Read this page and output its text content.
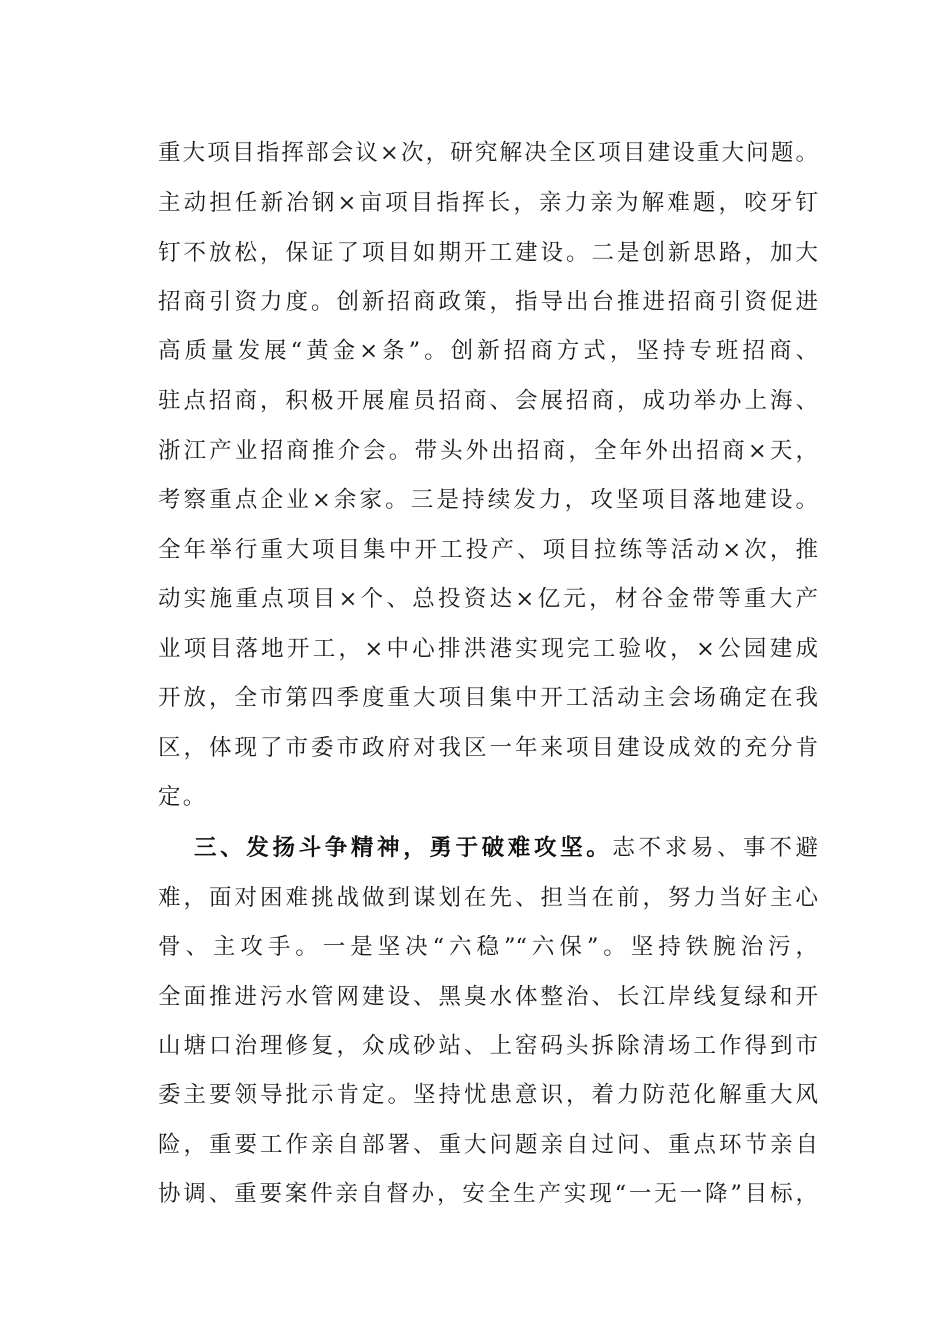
重大项目指挥部会议×次，研究解决全区项目建设重大问题。
主动担任新冶钢×亩项目指挥长，亲力亲为解难题，咬牙钉
钉不放松，保证了项目如期开工建设。二是创新思路，加大
招商引资力度。创新招商政策，指导出台推进招商引资促进
高质量发展“黄金×条”。创新招商方式，坚持专班招商、
驻点招商，积极开展雇员招商、会展招商，成功举办上海、
浙江产业招商推介会。带头外出招商，全年外出招商×天，
考察重点企业×余家。三是持续发力，攻坚项目落地建设。
全年举行重大项目集中开工投产、项目拉练等活动×次，推
动实施重点项目×个、总投资达×亿元，材谷金带等重大产
业项目落地开工，×中心排洪港实现完工验收，×公园建成
开放，全市第四季度重大项目集中开工活动主会场确定在我
区，体现了市委市政府对我区一年来项目建设成效的充分肯
定。
三、发扬斗争精神，勇于破难攻坚。志不求易、事不避
难，面对困难挑战做到谋划在先、担当在前，努力当好主心
骨、主攻手。一是坚决“六稳”“六保”。坚持铁腕治污，
全面推进污水管网建设、黑臭水体整治、长江岸线复绿和开
山塘口治理修复，众成砂站、上窑码头拆除清场工作得到市
委主要领导批示肯定。坚持忧患意识，着力防范化解重大风
险，重要工作亲自部署、重大问题亲自过问、重点环节亲自
协调、重要案件亲自督办，安全生产实现“一无一降”目标，
